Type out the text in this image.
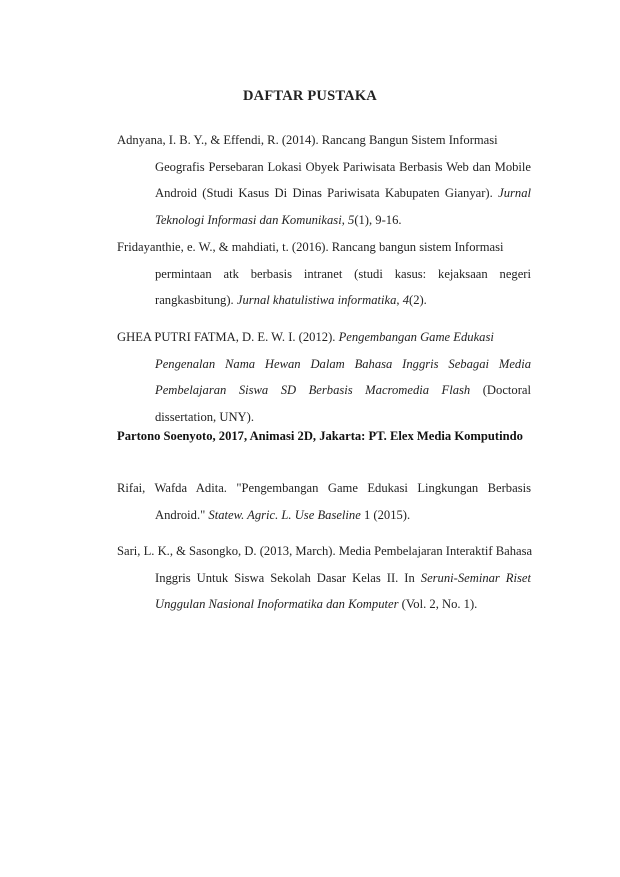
DAFTAR PUSTAKA
Adnyana, I. B. Y., & Effendi, R. (2014). Rancang Bangun Sistem Informasi
Geografis Persebaran Lokasi Obyek Pariwisata Berbasis Web dan Mobile
Android (Studi Kasus Di Dinas Pariwisata Kabupaten Gianyar). Jurnal
Teknologi Informasi dan Komunikasi, 5(1), 9-16.
Fridayanthie, e. W., & mahdiati, t. (2016). Rancang bangun sistem Informasi
permintaan atk berbasis intranet (studi kasus: kejaksaan negeri
rangkasbitung). Jurnal khatulistiwa informatika, 4(2).
GHEA PUTRI FATMA, D. E. W. I. (2012). Pengembangan Game Edukasi
Pengenalan Nama Hewan Dalam Bahasa Inggris Sebagai Media
Pembelajaran Siswa SD Berbasis Macromedia Flash (Doctoral
dissertation, UNY).
Partono Soenyoto, 2017, Animasi 2D, Jakarta: PT. Elex Media Komputindo
Rifai, Wafda Adita. "Pengembangan Game Edukasi Lingkungan Berbasis
Android." Statew. Agric. L. Use Baseline 1 (2015).
Sari, L. K., & Sasongko, D. (2013, March). Media Pembelajaran Interaktif Bahasa
Inggris Untuk Siswa Sekolah Dasar Kelas II. In Seruni-Seminar Riset
Unggulan Nasional Inoformatika dan Komputer (Vol. 2, No. 1).
